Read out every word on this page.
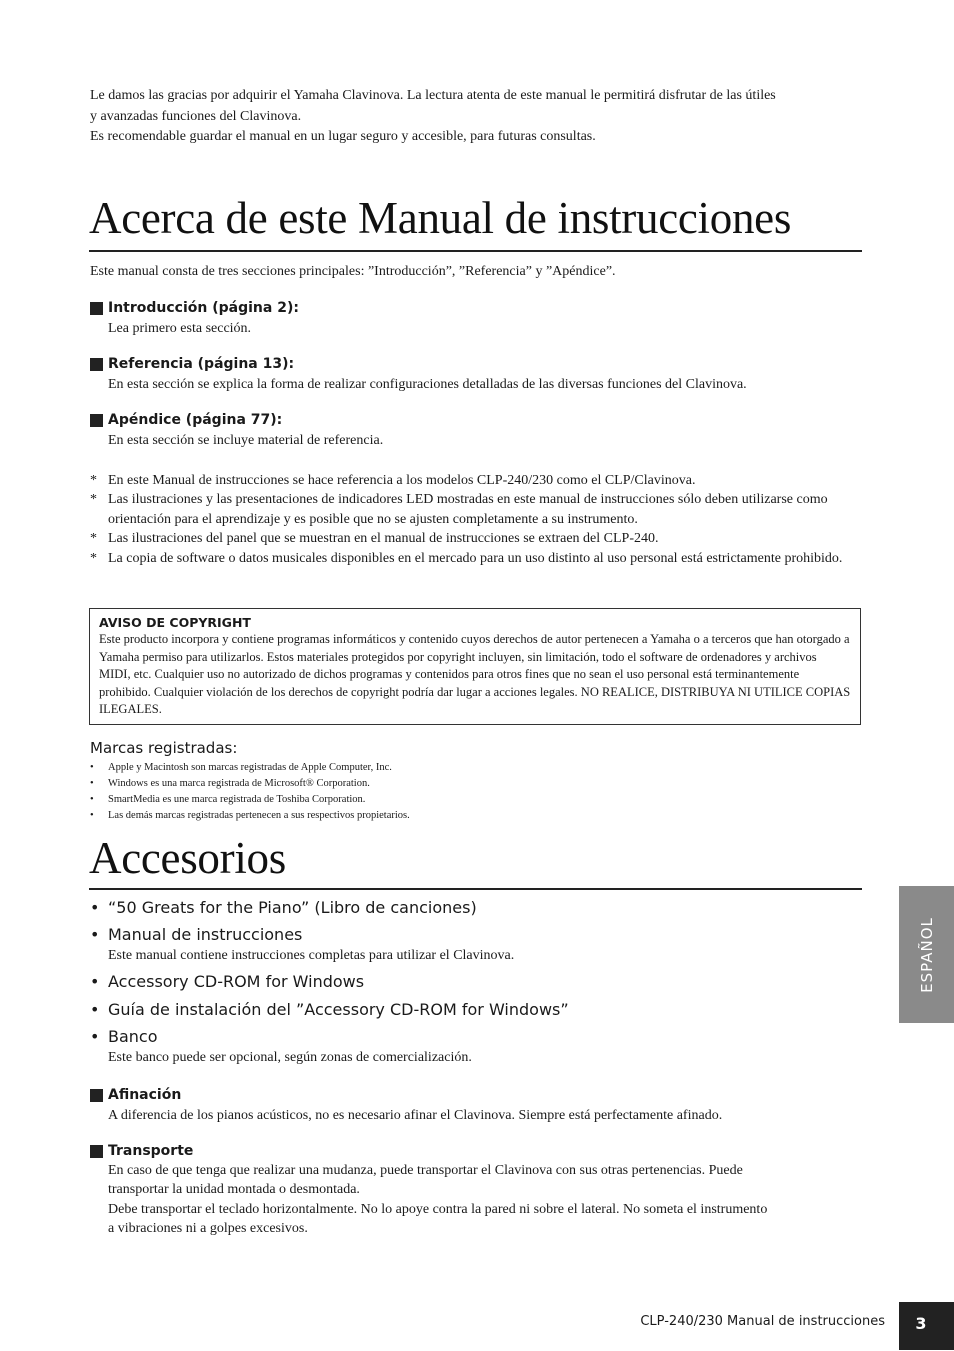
Le damos las gracias por adquirir el Yamaha Clavinova. La lectura atenta de este manual le permitirá disfrutar de las útiles

y avanzadas funciones del Clavinova.

Es recomendable guardar el manual en un lugar seguro y accesible, para futuras consultas.

Acerca de este Manual de instrucciones
Este manual consta de tres secciones principales: ”Introducción”, ”Referencia” y ”Apéndice”.
Introducción (página 2):
Lea primero esta sección.
Referencia (página 13):
En esta sección se explica la forma de realizar configuraciones detalladas de las diversas funciones del Clavinova.
Apéndice (página 77):
En esta sección se incluye material de referencia.
* En este Manual de instrucciones se hace referencia a los modelos CLP-240/230 como el CLP/Clavinova.
* Las ilustraciones y las presentaciones de indicadores LED mostradas en este manual de instrucciones sólo deben utilizarse como orientación para el aprendizaje y es posible que no se ajusten completamente a su instrumento.
* Las ilustraciones del panel que se muestran en el manual de instrucciones se extraen del CLP-240.
* La copia de software o datos musicales disponibles en el mercado para un uso distinto al uso personal está estrictamente prohibido.
AVISO DE COPYRIGHT
Este producto incorpora y contiene programas informáticos y contenido cuyos derechos de autor pertenecen a Yamaha o a terceros que han otorgado a Yamaha permiso para utilizarlos. Estos materiales protegidos por copyright incluyen, sin limitación, todo el software de ordenadores y archivos MIDI, etc. Cualquier uso no autorizado de dichos programas y contenidos para otros fines que no sean el uso personal está terminantemente prohibido. Cualquier violación de los derechos de copyright podría dar lugar a acciones legales. NO REALICE, DISTRIBUYA NI UTILICE COPIAS ILEGALES.
Marcas registradas:
•	Apple y Macintosh son marcas registradas de Apple Computer, Inc.
•	Windows es una marca registrada de Microsoft® Corporation.
•	SmartMedia es une marca registrada de Toshiba Corporation.
•	Las demás marcas registradas pertenecen a sus respectivos propietarios.
Accesorios
• “50 Greats for the Piano” (Libro de canciones)
• Manual de instrucciones
Este manual contiene instrucciones completas para utilizar el Clavinova.
• Accessory CD-ROM for Windows
• Guía de instalación del ”Accessory CD-ROM for Windows”
• Banco
Este banco puede ser opcional, según zonas de comercialización.
Afinación
A diferencia de los pianos acústicos, no es necesario afinar el Clavinova. Siempre está perfectamente afinado.
Transporte
En caso de que tenga que realizar una mudanza, puede transportar el Clavinova con sus otras pertenencias. Puede
transportar la unidad montada o desmontada.
Debe transportar el teclado horizontalmente. No lo apoye contra la pared ni sobre el lateral. No someta el instrumento
a vibraciones ni a golpes excesivos.
ESPAÑOL
CLP-240/230 Manual de instrucciones	3
